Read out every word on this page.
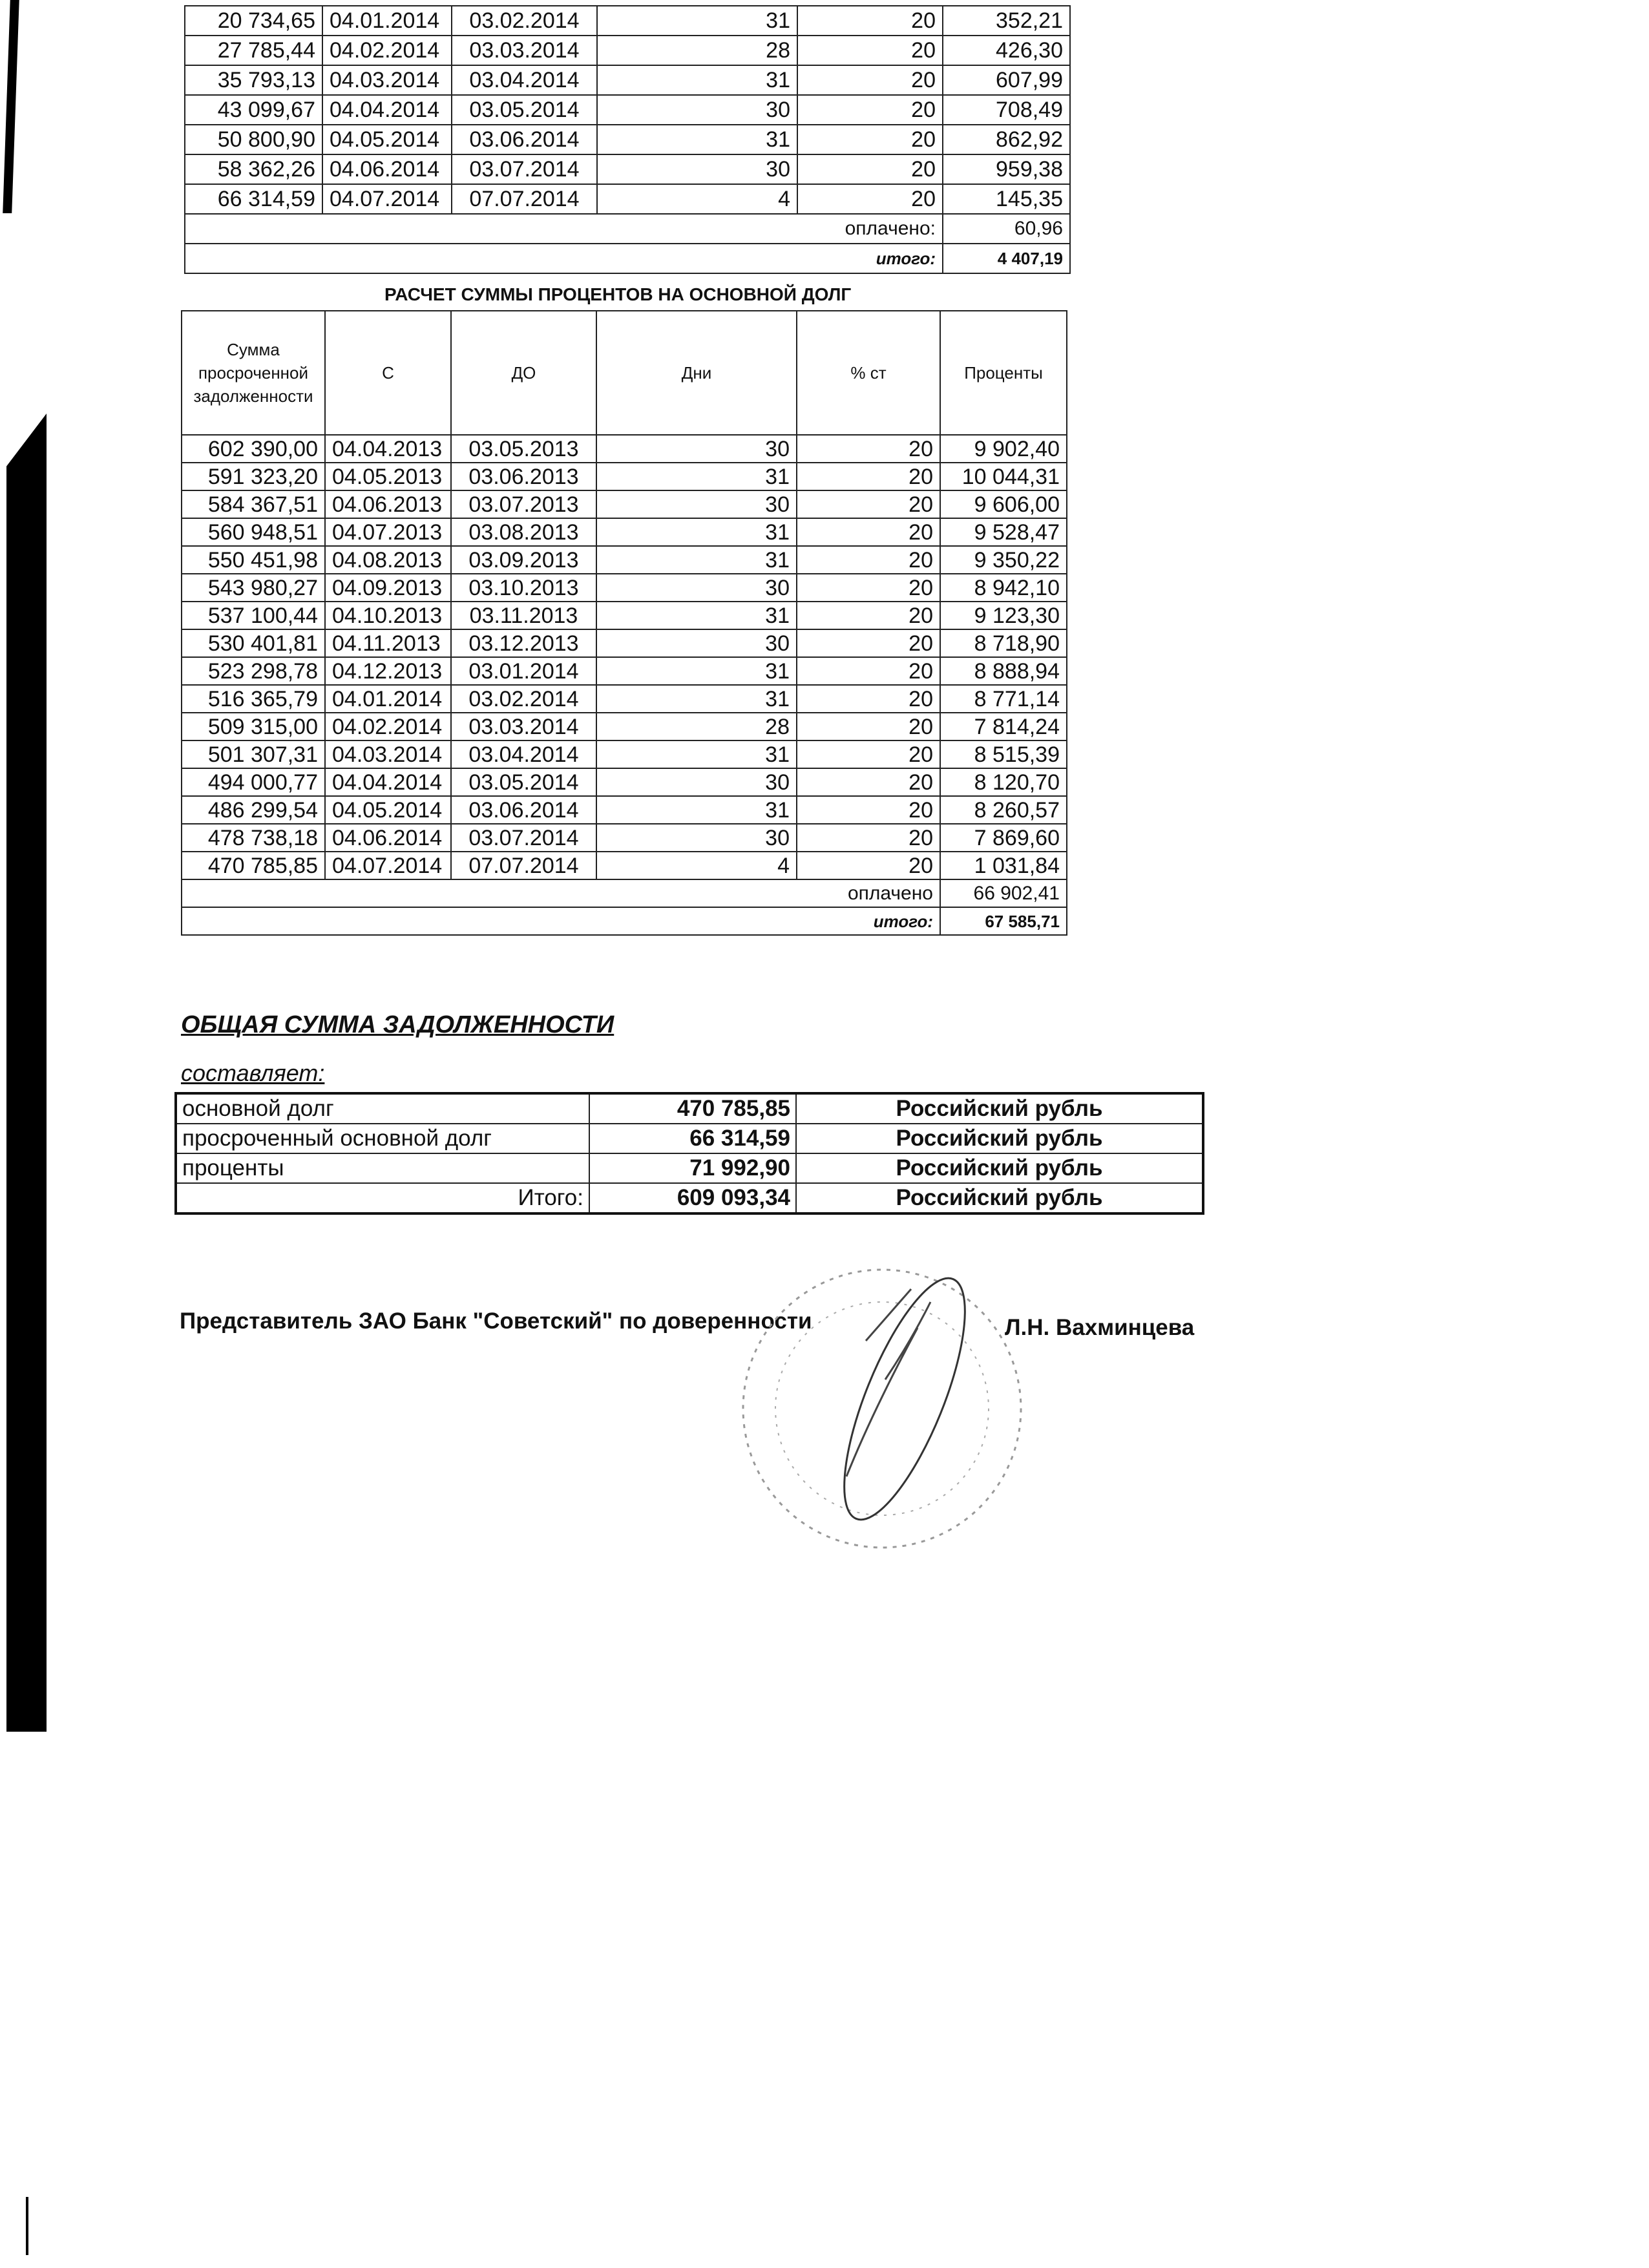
20 734,65	04.01.2014	03.02.2014	31	20	352,21
27 785,44	04.02.2014	03.03.2014	28	20	426,30
35 793,13	04.03.2014	03.04.2014	31	20	607,99
43 099,67	04.04.2014	03.05.2014	30	20	708,49
50 800,90	04.05.2014	03.06.2014	31	20	862,92
58 362,26	04.06.2014	03.07.2014	30	20	959,38
66 314,59	04.07.2014	07.07.2014	4	20	145,35
оплачено:					60,96
итого:					4 407,19
РАСЧЕТ СУММЫ ПРОЦЕНТОВ НА ОСНОВНОЙ ДОЛГ
Сумма
просроченной
задолженности	С	ДО	Дни	% ст	Проценты
602 390,00	04.04.2013	03.05.2013	30	20	9 902,40
591 323,20	04.05.2013	03.06.2013	31	20	10 044,31
584 367,51	04.06.2013	03.07.2013	30	20	9 606,00
560 948,51	04.07.2013	03.08.2013	31	20	9 528,47
550 451,98	04.08.2013	03.09.2013	31	20	9 350,22
543 980,27	04.09.2013	03.10.2013	30	20	8 942,10
537 100,44	04.10.2013	03.11.2013	31	20	9 123,30
530 401,81	04.11.2013	03.12.2013	30	20	8 718,90
523 298,78	04.12.2013	03.01.2014	31	20	8 888,94
516 365,79	04.01.2014	03.02.2014	31	20	8 771,14
509 315,00	04.02.2014	03.03.2014	28	20	7 814,24
501 307,31	04.03.2014	03.04.2014	31	20	8 515,39
494 000,77	04.04.2014	03.05.2014	30	20	8 120,70
486 299,54	04.05.2014	03.06.2014	31	20	8 260,57
478 738,18	04.06.2014	03.07.2014	30	20	7 869,60
470 785,85	04.07.2014	07.07.2014	4	20	1 031,84
оплачено					66 902,41
итого:					67 585,71
ОБЩАЯ СУММА ЗАДОЛЖЕННОСТИ
составляет:
основной долг	470 785,85	Российский рубль
просроченный основной долг	66 314,59	Российский рубль
проценты	71 992,90	Российский рубль
Итого:	609 093,34	Российский рубль
Представитель ЗАО Банк "Советский" по доверенности	Л.Н. Вахминцева
